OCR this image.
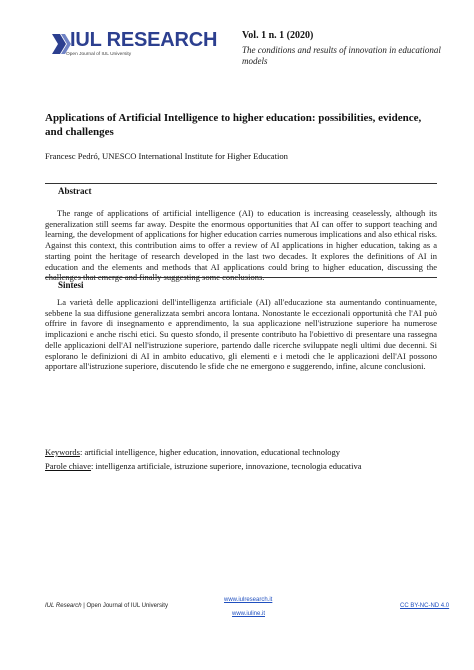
IUL RESEARCH
Open Journal of IUL University
Vol. 1 n. 1 (2020)
The conditions and results of innovation in educational models
Applications of Artificial Intelligence to higher education: possibilities, evidence, and challenges
Francesc Pedró, UNESCO International Institute for Higher Education
Abstract
The range of applications of artificial intelligence (AI) to education is increasing ceaselessly, although its generalization still seems far away. Despite the enormous opportunities that AI can offer to support teaching and learning, the development of applications for higher education carries numerous implications and also ethical risks. Against this context, this contribution aims to offer a review of AI applications in higher education, taking as a starting point the heritage of research developed in the last two decades. It explores the definitions of AI in education and the elements and methods that AI applications could bring to higher education, discussing the challenges that emerge and finally suggesting some conclusions.
Sintesi
La varietà delle applicazioni dell'intelligenza artificiale (AI) all'educazione sta aumentando continuamente, sebbene la sua diffusione generalizzata sembri ancora lontana. Nonostante le eccezionali opportunità che l'AI può offrire in favore di insegnamento e apprendimento, la sua applicazione nell'istruzione superiore ha numerose implicazioni e anche rischi etici. Su questo sfondo, il presente contributo ha l'obiettivo di presentare una rassegna delle applicazioni dell'AI nell'istruzione superiore, partendo dalle ricerche sviluppate negli ultimi due decenni. Si esplorano le definizioni di AI in ambito educativo, gli elementi e i metodi che le applicazioni dell'AI possono apportare all'istruzione superiore, discutendo le sfide che ne emergono e suggerendo, infine, alcune conclusioni.
Keywords: artificial intelligence, higher education, innovation, educational technology
Parole chiave: intelligenza artificiale, istruzione superiore, innovazione, tecnologia educativa
IUL Research | Open Journal of IUL University
www.iulresearch.it
www.iuline.it
CC BY-NC-ND 4.0
